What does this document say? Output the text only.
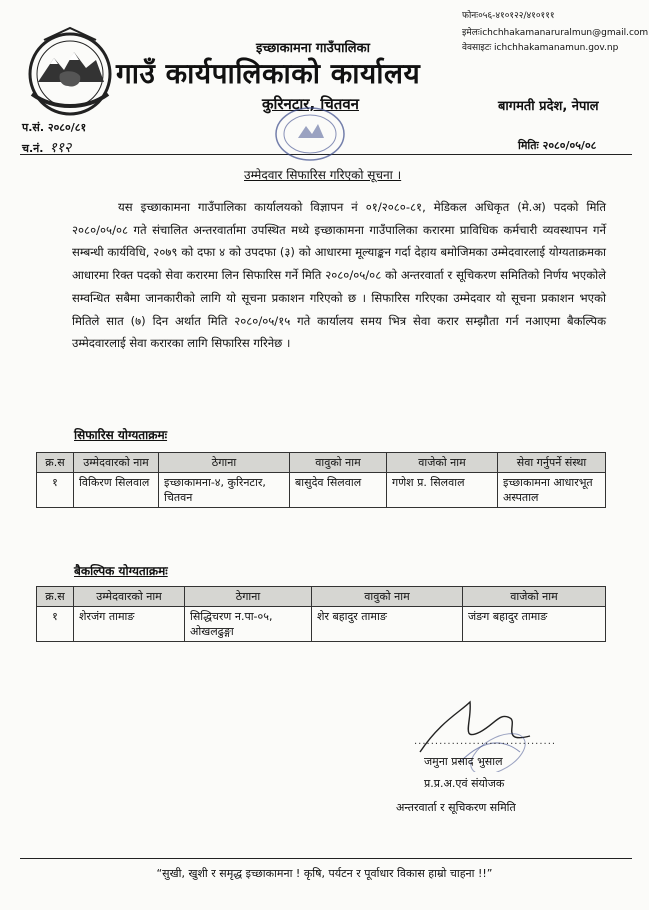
फोनः०५६-४१०१२२/४१०१११
इमेलःichchhakamanaruralmun@gmail.com
वेवसाइटः ichchhakamanamun.gov.np
इच्छाकामना गाउँपालिका
गाउँ कार्यपालिकाको कार्यालय
कुरिनटार, चितवन	बागमती प्रदेश, नेपाल
प.सं. २०८०/८१
च.नं. ११२	मितिः २०८०/०५/०८
उम्मेदवार सिफारिस गरिएको सूचना ।
यस इच्छाकामना गाउँपालिका कार्यालयको विज्ञापन नं ०१/२०८०-८१, मेडिकल अधिकृत (मे.अ) पदको मिति २०८०/०५/०८ गते संचालित अन्तरवार्तामा उपस्थित मध्ये इच्छाकामना गाउँपालिका करारमा प्राविधिक कर्मचारी व्यवस्थापन गर्ने सम्बन्धी कार्यविधि, २०७९ को दफा ४ को उपदफा (३) को आधारमा मूल्याङ्कन गर्दा देहाय बमोजिमका उम्मेदवारलाई योग्यताक्रमका आधारमा रिक्त पदको सेवा करारमा लिन सिफारिस गर्ने मिति २०८०/०५/०८ को अन्तरवार्ता र सूचिकरण समितिको निर्णय भएकोले सम्वन्धित सबैमा जानकारीको लागि यो सूचना प्रकाशन गरिएको छ । सिफारिस गरिएका उम्मेदवार यो सूचना प्रकाशन भएको मितिले सात (७) दिन अर्थात मिति २०८०/०५/१५ गते कार्यालय समय भित्र सेवा करार सम्झौता गर्न नआएमा बैकल्पिक उम्मेदवारलाई सेवा करारका लागि सिफारिस गरिनेछ ।
सिफारिस योग्यताक्रमः
क्र.स	उम्मेदवारको नाम	ठेगाना	वावुको नाम	वाजेको नाम	सेवा गर्नुपर्ने संस्था
१	विकिरण सिलवाल	इच्छाकामना-४, कुरिनटार, चितवन	बासुदेव सिलवाल	गणेश प्र. सिलवाल	इच्छाकामना आधारभूत अस्पताल
बैकल्पिक योग्यताक्रमः
क्र.स	उम्मेदवारको नाम	ठेगाना	वावुको नाम	वाजेको नाम
१	शेरजंग तामाङ	सिद्धिचरण न.पा-०५, ओखलढुङ्गा	शेर बहादुर तामाङ	जंङग बहादुर तामाङ
..................................
जमुना प्रसाद भुसाल
प्र.प्र.अ.एवं संयोजक
अन्तरवार्ता र सूचिकरण समिति
“सुखी, खुशी र समृद्ध इच्छाकामना ! कृषि, पर्यटन र पूर्वाधार विकास हाम्रो चाहना !!”
